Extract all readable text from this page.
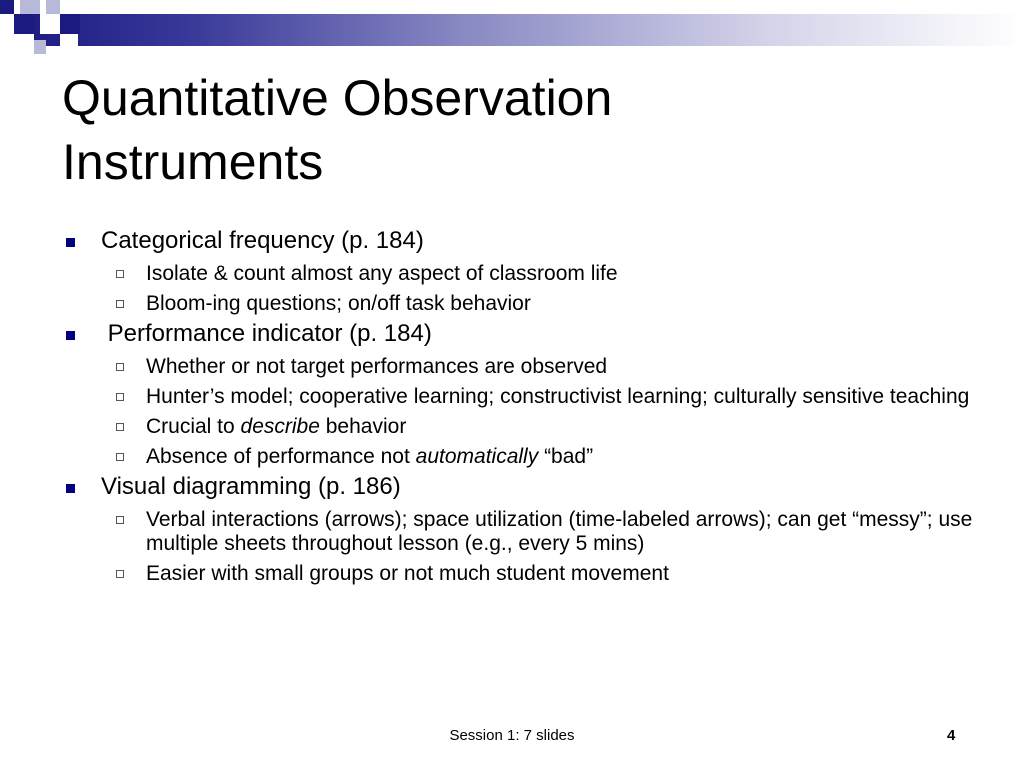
Quantitative Observation
Instruments
Categorical frequency (p. 184)
Isolate & count almost any aspect of classroom life
Bloom-ing questions; on/off task behavior
Performance indicator (p. 184)
Whether or not target performances are observed
Hunter’s model; cooperative learning; constructivist learning; culturally sensitive teaching
Crucial to describe behavior
Absence of performance not automatically “bad”
Visual diagramming (p. 186)
Verbal interactions (arrows); space utilization (time-labeled arrows); can get “messy”; use multiple sheets throughout lesson (e.g., every 5 mins)
Easier with small groups or not much student movement
Session 1: 7 slides	4
